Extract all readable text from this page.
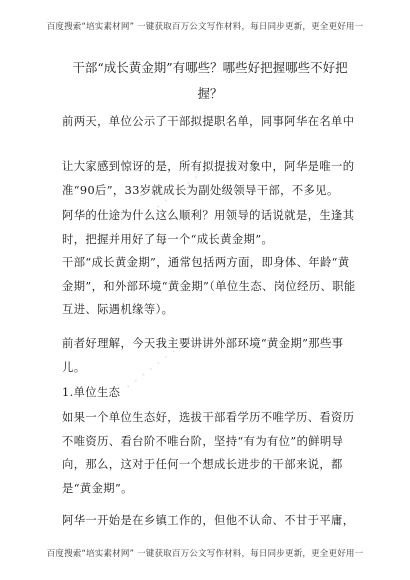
百度搜索“培实素材网” 一键获取百万公文写作材料，每日同步更新，更全更好用一
干部“成长黄金期”有哪些？哪些好把握哪些不好把
握？

前两天，单位公示了干部拟提职名单，同事阿华在名单中

让大家感到惊讶的是，所有拟提拔对象中，阿华是唯一的准“90后”，33岁就成长为副处级领导干部，不多见。

阿华的仕途为什么这么顺利？用领导的话说就是，生逢其时，把握并用好了每一个“成长黄金期”。

干部“成长黄金期”，通常包括两方面，即身体、年龄“黄金期”，和外部环境“黄金期”（单位生态、岗位经历、职能互进、际遇机缘等）。

前者好理解，今天我主要讲讲外部环境“黄金期”那些事儿。

1.单位生态

如果一个单位生态好，选拔干部看学历不唯学历、看资历不唯资历、看台阶不唯台阶，坚持“有为有位”的鲜明导向，那么，这对于任何一个想成长进步的干部来说，都是“黄金期”。

阿华一开始是在乡镇工作的，但他不认命、不甘于平庸，

· · · · · · ·
· · · · · · ·
百度搜索“培实素材网” 一键获取百万公文写作材料，每日同步更新，更全更好用一
